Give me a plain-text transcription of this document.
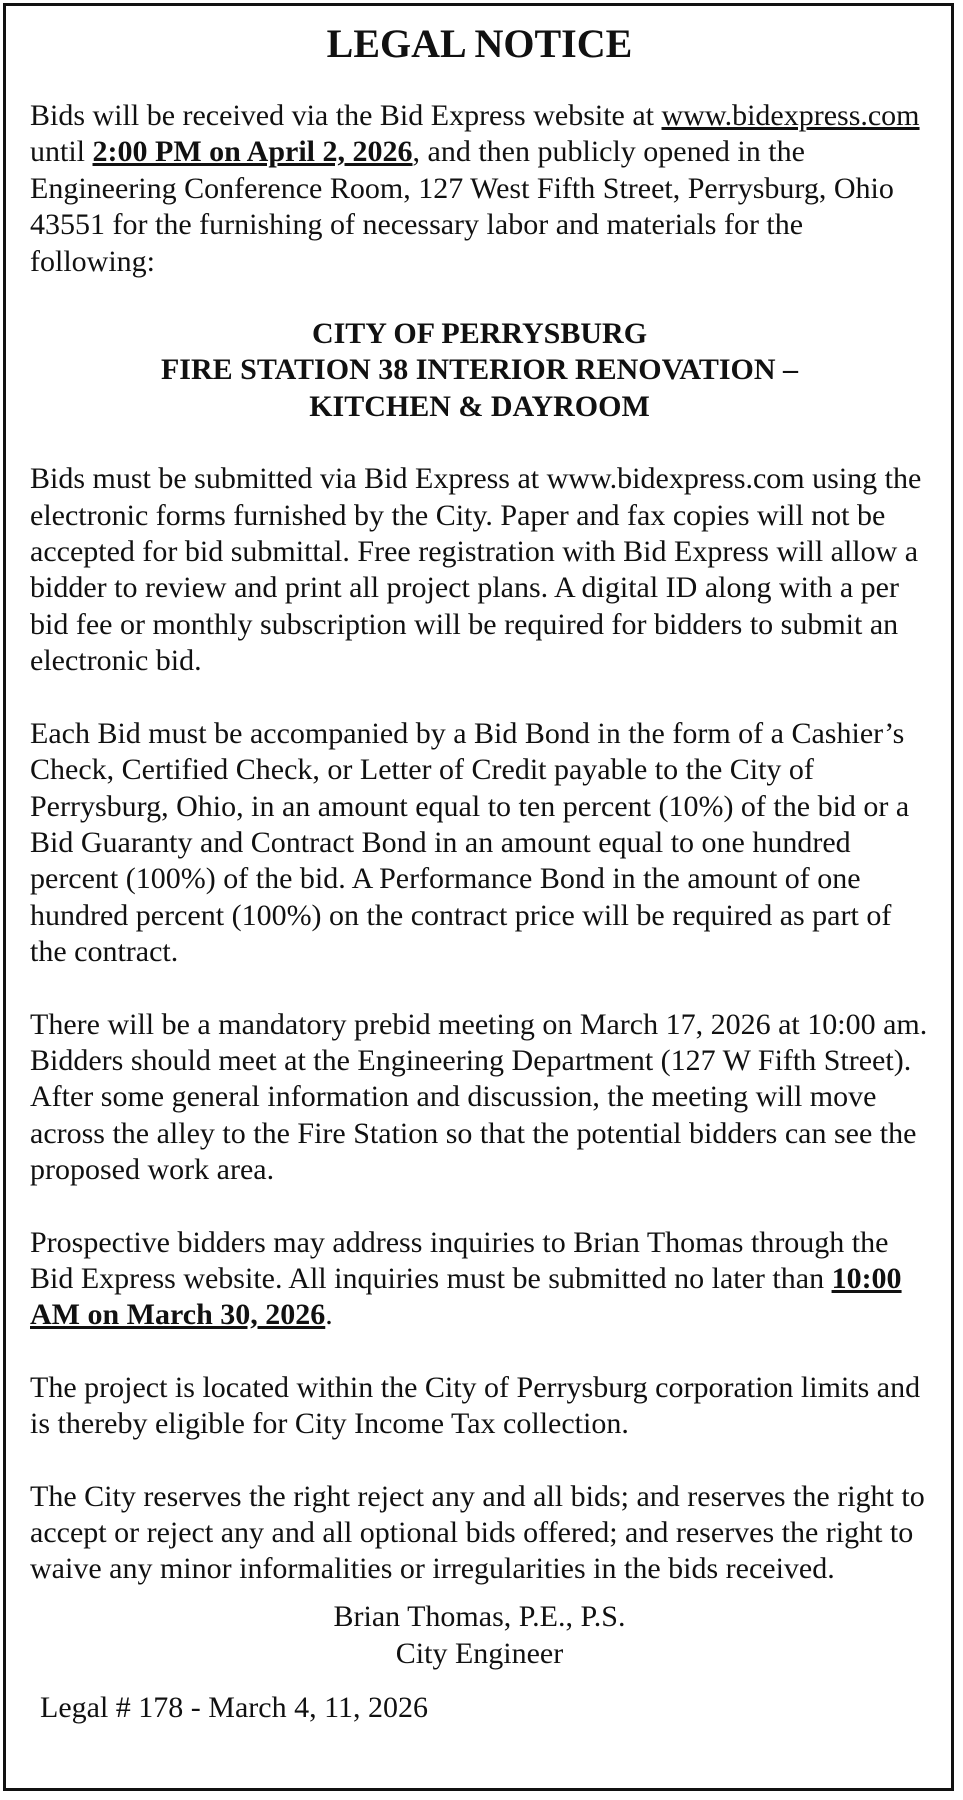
LEGAL NOTICE

Bids will be received via the Bid Express website at www.bidexpress.com until 2:00 PM on April 2, 2026, and then publicly opened in the Engineering Conference Room, 127 West Fifth Street, Perrysburg, Ohio 43551 for the furnishing of necessary labor and materials for the following:

CITY OF PERRYSBURG
FIRE STATION 38 INTERIOR RENOVATION –
KITCHEN & DAYROOM

Bids must be submitted via Bid Express at www.bidexpress.com using the electronic forms furnished by the City. Paper and fax copies will not be accepted for bid submittal. Free registration with Bid Express will allow a bidder to review and print all project plans. A digital ID along with a per bid fee or monthly subscription will be required for bidders to submit an electronic bid.

Each Bid must be accompanied by a Bid Bond in the form of a Cashier’s Check, Certified Check, or Letter of Credit payable to the City of Perrysburg, Ohio, in an amount equal to ten percent (10%) of the bid or a Bid Guaranty and Contract Bond in an amount equal to one hundred percent (100%) of the bid. A Performance Bond in the amount of one hundred percent (100%) on the contract price will be required as part of the contract.

There will be a mandatory prebid meeting on March 17, 2026 at 10:00 am. Bidders should meet at the Engineering Department (127 W Fifth Street). After some general information and discussion, the meeting will move across the alley to the Fire Station so that the potential bidders can see the proposed work area.

Prospective bidders may address inquiries to Brian Thomas through the Bid Express website. All inquiries must be submitted no later than 10:00 AM on March 30, 2026.

The project is located within the City of Perrysburg corporation limits and is thereby eligible for City Income Tax collection.

The City reserves the right reject any and all bids; and reserves the right to accept or reject any and all optional bids offered; and reserves the right to waive any minor informalities or irregularities in the bids received.

Brian Thomas, P.E., P.S.
City Engineer
Legal # 178 - March 4, 11, 2026
